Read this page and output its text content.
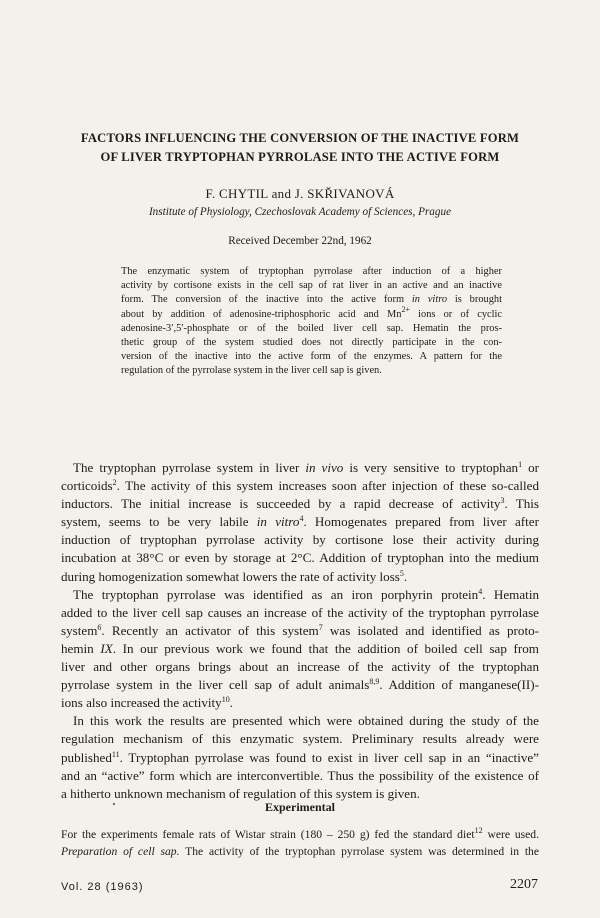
FACTORS INFLUENCING THE CONVERSION OF THE INACTIVE FORM
OF LIVER TRYPTOPHAN PYRROLASE INTO THE ACTIVE FORM
F. CHYTIL and J. SKŘIVANOVÁ
Institute of Physiology, Czechoslovak Academy of Sciences, Prague
Received December 22nd, 1962
The enzymatic system of tryptophan pyrrolase after induction of a higher
activity by cortisone exists in the cell sap of rat liver in an active and an inactive
form. The conversion of the inactive into the active form in vitro is brought
about by addition of adenosine-triphosphoric acid and $Mn^{2+}$ ions or of cyclic
adenosine-3′,5′-phosphate or of the boiled liver cell sap. Hematin the pros-
thetic group of the system studied does not directly participate in the con-
version of the inactive into the active form of the enzymes. A pattern for the
regulation of the pyrrolase system in the liver cell sap is given.
The tryptophan pyrrolase system in liver in vivo is very sensitive to tryptophan$^1$ or
corticoids$^2$. The activity of this system increases soon after injection of these so-called
inductors. The initial increase is succeeded by a rapid decrease of activity$^3$. This
system, seems to be very labile in vitro$^4$. Homogenates prepared from liver after
induction of tryptophan pyrrolase activity by cortisone lose their activity during
incubation at 38°C or even by storage at 2°C. Addition of tryptophan into the medium
during homogenization somewhat lowers the rate of activity loss$^5$.
The tryptophan pyrrolase was identified as an iron porphyrin protein$^4$. Hematin
added to the liver cell sap causes an increase of the activity of the tryptophan pyrrolase
system$^6$. Recently an activator of this system$^7$ was isolated and identified as proto-
hemin IX. In our previous work we found that the addition of boiled cell sap from
liver and other organs brings about an increase of the activity of the tryptophan
pyrrolase system in the liver cell sap of adult animals$^{8,9}$. Addition of manganese(II)-
ions also increased the activity$^{10}$.
In this work the results are presented which were obtained during the study of the
regulation mechanism of this enzymatic system. Preliminary results already were
published$^{11}$. Tryptophan pyrrolase was found to exist in liver cell sap in an “inactive”
and an “active” form which are interconvertible. Thus the possibility of the existence of
a hitherto unknown mechanism of regulation of this system is given.
Experimental
For the experiments female rats of Wistar strain (180 – 250 g) fed the standard diet$^{12}$ were used.
Preparation of cell sap. The activity of the tryptophan pyrrolase system was determined in the
Vol. 28 (1963)	2207
